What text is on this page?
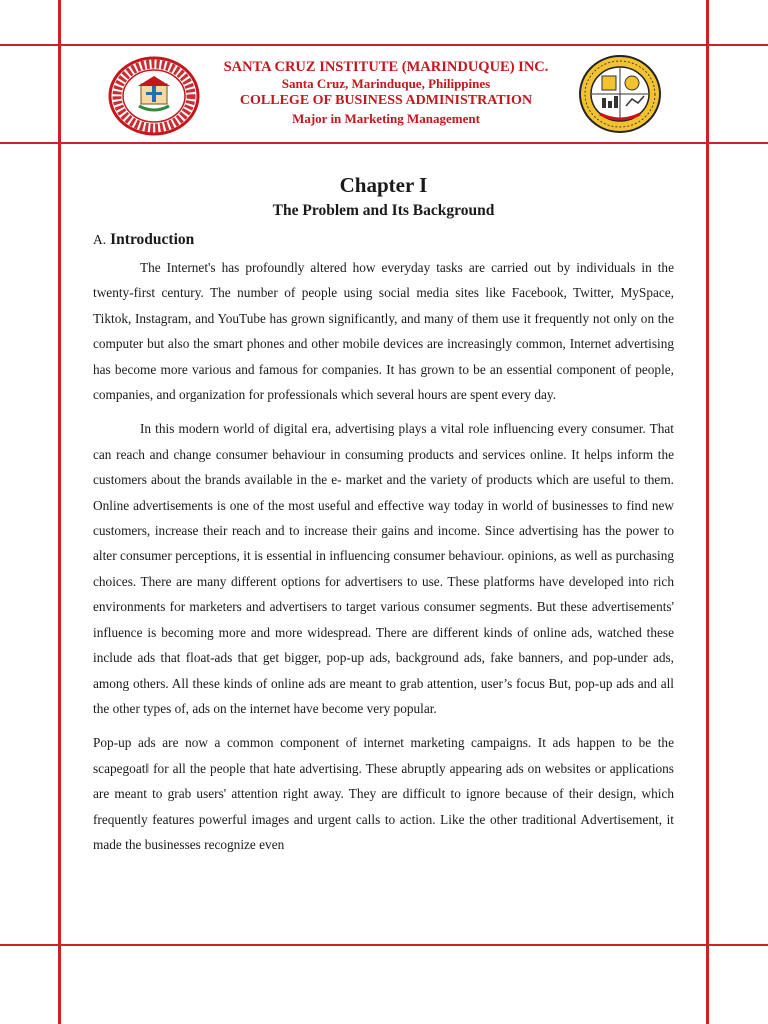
SANTA CRUZ INSTITUTE (MARINDUQUE) INC.
Santa Cruz, Marinduque, Philippines
COLLEGE OF BUSINESS ADMINISTRATION
Major in Marketing Management
Chapter I
The Problem and Its Background
A. Introduction

The Internet's has profoundly altered how everyday tasks are carried out by individuals in the twenty-first century. The number of people using social media sites like Facebook, Twitter, MySpace, Tiktok, Instagram, and YouTube has grown significantly, and many of them use it frequently not only on the computer but also the smart phones and other mobile devices are increasingly common, Internet advertising has become more various and famous for companies. It has grown to be an essential component of people, companies, and organization for professionals which several hours are spent every day.

In this modern world of digital era, advertising plays a vital role influencing every consumer. That can reach and change consumer behaviour in consuming products and services online. It helps inform the customers about the brands available in the e- market and the variety of products which are useful to them. Online advertisements is one of the most useful and effective way today in world of businesses to find new customers, increase their reach and to increase their gains and income. Since advertising has the power to alter consumer perceptions, it is essential in influencing consumer behaviour. opinions, as well as purchasing choices. There are many different options for advertisers to use. These platforms have developed into rich environments for marketers and advertisers to target various consumer segments. But these advertisements' influence is becoming more and more widespread. There are different kinds of online ads, watched these include ads that float-ads that get bigger, pop-up ads, background ads, fake banners, and pop-under ads, among others. All these kinds of online ads are meant to grab attention, user’s focus But, pop-up ads and all the other types of, ads on the internet have become very popular.

Pop-up ads are now a common component of internet marketing campaigns. It ads happen to be the scapegoat‖ for all the people that hate advertising. These abruptly appearing ads on websites or applications are meant to grab users' attention right away. They are difficult to ignore because of their design, which frequently features powerful images and urgent calls to action. Like the other traditional Advertisement, it made the businesses recognize even
